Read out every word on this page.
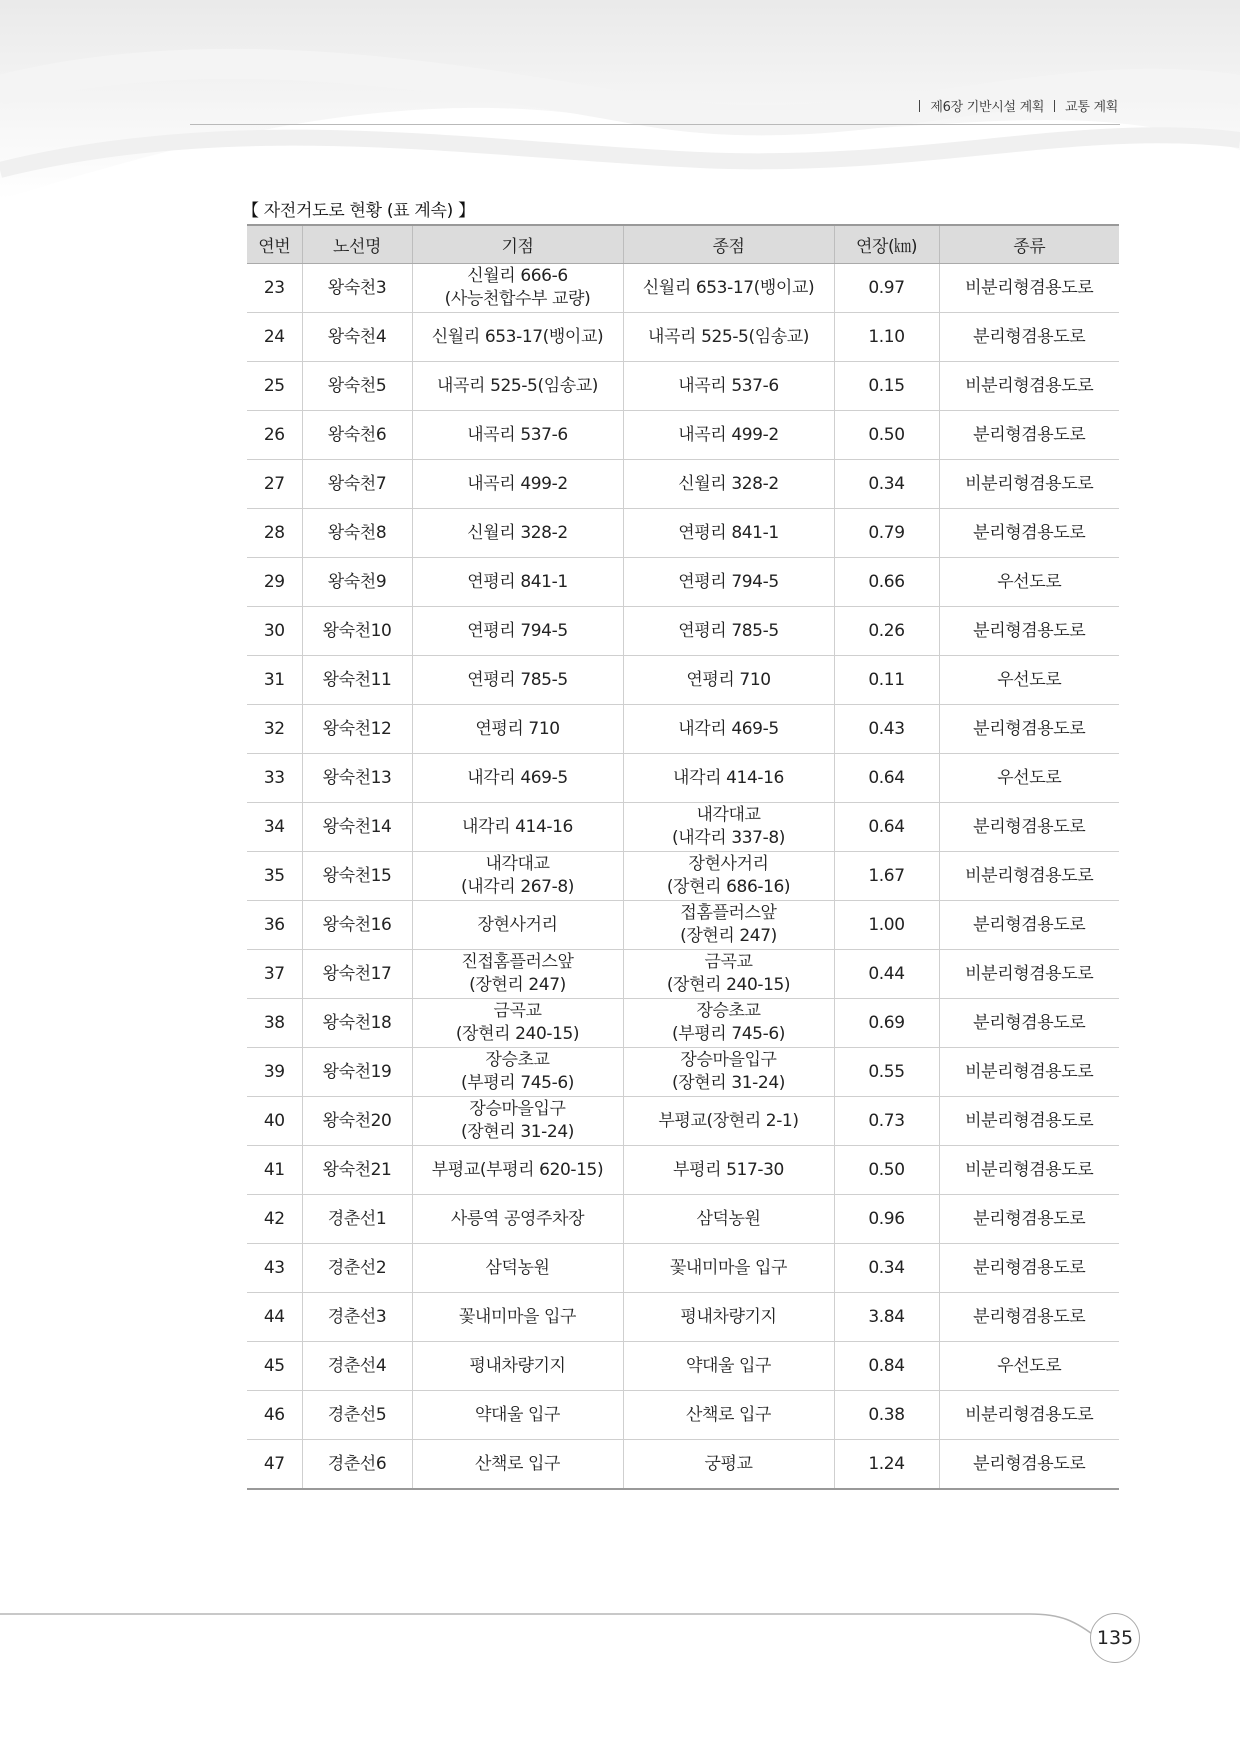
제6장 기반시설 계획 교통 계획
【 자전거도로 현황 (표 계속) 】
연번	노선명	기점	종점	연장(㎞)	종류
23	왕숙천3	신월리 666-6
(사능천합수부 교량)	신월리 653-17(뱅이교)	0.97	비분리형겸용도로
24	왕숙천4	신월리 653-17(뱅이교)	내곡리 525-5(임송교)	1.10	분리형겸용도로
25	왕숙천5	내곡리 525-5(임송교)	내곡리 537-6	0.15	비분리형겸용도로
26	왕숙천6	내곡리 537-6	내곡리 499-2	0.50	분리형겸용도로
27	왕숙천7	내곡리 499-2	신월리 328-2	0.34	비분리형겸용도로
28	왕숙천8	신월리 328-2	연평리 841-1	0.79	분리형겸용도로
29	왕숙천9	연평리 841-1	연평리 794-5	0.66	우선도로
30	왕숙천10	연평리 794-5	연평리 785-5	0.26	분리형겸용도로
31	왕숙천11	연평리 785-5	연평리 710	0.11	우선도로
32	왕숙천12	연평리 710	내각리 469-5	0.43	분리형겸용도로
33	왕숙천13	내각리 469-5	내각리 414-16	0.64	우선도로
34	왕숙천14	내각리 414-16	내각대교
(내각리 337-8)	0.64	분리형겸용도로
35	왕숙천15	내각대교
(내각리 267-8)	장현사거리
(장현리 686-16)	1.67	비분리형겸용도로
36	왕숙천16	장현사거리	접홈플러스앞
(장현리 247)	1.00	분리형겸용도로
37	왕숙천17	진접홈플러스앞
(장현리 247)	금곡교
(장현리 240-15)	0.44	비분리형겸용도로
38	왕숙천18	금곡교
(장현리 240-15)	장승초교
(부평리 745-6)	0.69	분리형겸용도로
39	왕숙천19	장승초교
(부평리 745-6)	장승마을입구
(장현리 31-24)	0.55	비분리형겸용도로
40	왕숙천20	장승마을입구
(장현리 31-24)	부평교(장현리 2-1)	0.73	비분리형겸용도로
41	왕숙천21	부평교(부평리 620-15)	부평리 517-30	0.50	비분리형겸용도로
42	경춘선1	사릉역 공영주차장	삼덕농원	0.96	분리형겸용도로
43	경춘선2	삼덕농원	꽃내미마을 입구	0.34	분리형겸용도로
44	경춘선3	꽃내미마을 입구	평내차량기지	3.84	분리형겸용도로
45	경춘선4	평내차량기지	약대울 입구	0.84	우선도로
46	경춘선5	약대울 입구	산책로 입구	0.38	비분리형겸용도로
47	경춘선6	산책로 입구	궁평교	1.24	분리형겸용도로
135
